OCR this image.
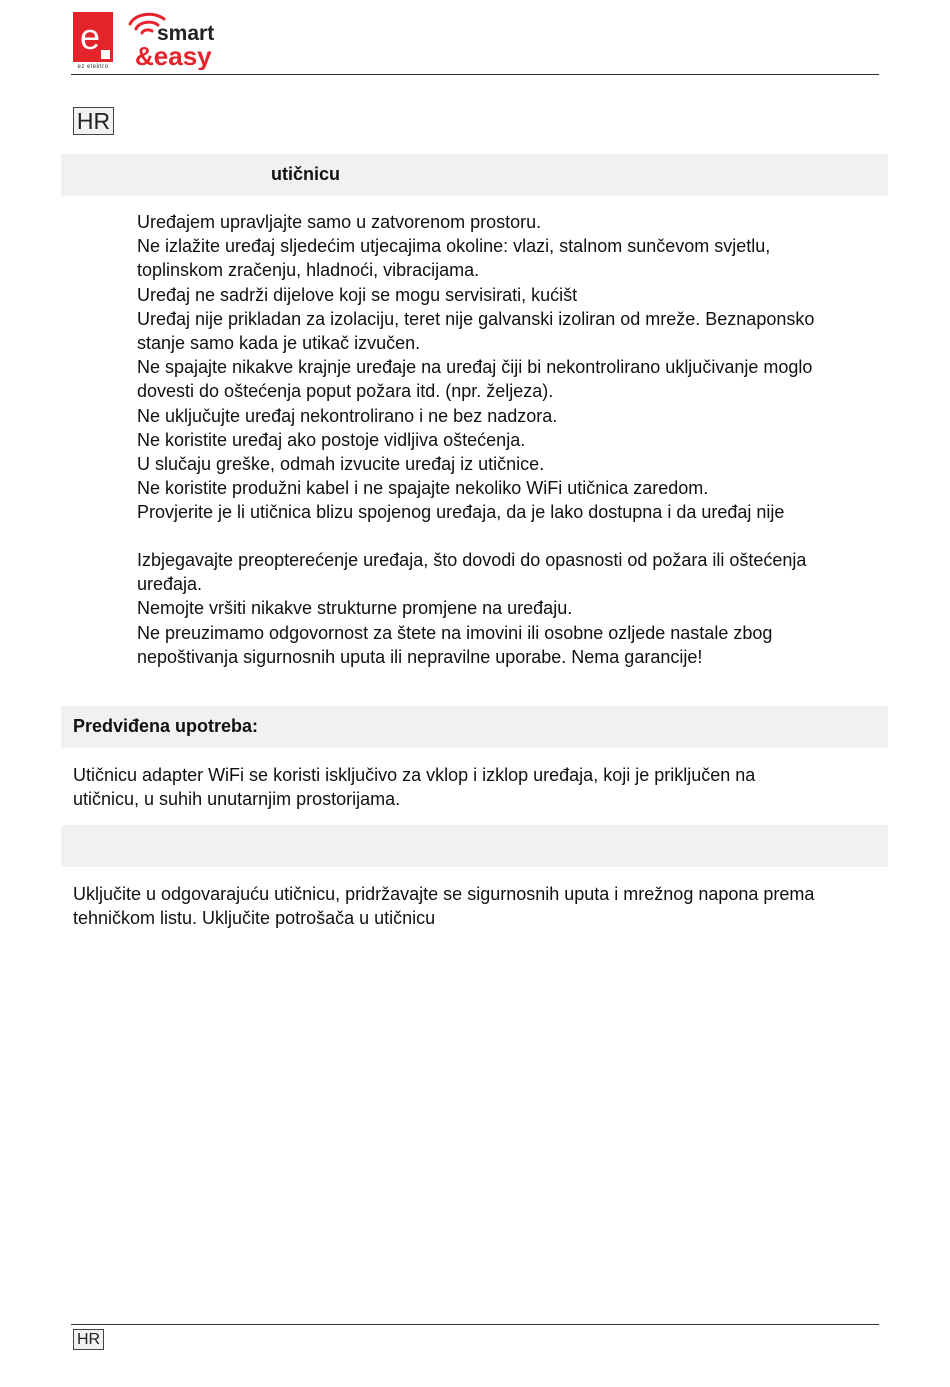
e
ez elektro
smart
&easy
HR
utičnicu
Uređajem upravljajte samo u zatvorenom prostoru.
Ne izlažite uređaj sljedećim utjecajima okoline: vlazi, stalnom sunčevom svjetlu,
toplinskom zračenju, hladnoći, vibracijama.
Uređaj ne sadrži dijelove koji se mogu servisirati, kućišt
Uređaj nije prikladan za izolaciju, teret nije galvanski izoliran od mreže. Beznaponsko
stanje samo kada je utikač izvučen.
Ne spajajte nikakve krajnje uređaje na uređaj čiji bi nekontrolirano uključivanje moglo
dovesti do oštećenja poput požara itd. (npr. željeza).
Ne uključujte uređaj nekontrolirano i ne bez nadzora.
Ne koristite uređaj ako postoje vidljiva oštećenja.
U slučaju greške, odmah izvucite uređaj iz utičnice.
Ne koristite produžni kabel i ne spajajte nekoliko WiFi utičnica zaredom.
Provjerite je li utičnica blizu spojenog uređaja, da je lako dostupna i da uređaj nije
Izbjegavajte preopterećenje uređaja, što dovodi do opasnosti od požara ili oštećenja
uređaja.
Nemojte vršiti nikakve strukturne promjene na uređaju.
Ne preuzimamo odgovornost za štete na imovini ili osobne ozljede nastale zbog
nepoštivanja sigurnosnih uputa ili nepravilne uporabe. Nema garancije!
Predviđena upotreba:
Utičnicu adapter WiFi se koristi isključivo za vklop i izklop uređaja, koji je priključen na
utičnicu, u suhih unutarnjim prostorijama.
Uključite u odgovarajuću utičnicu, pridržavajte se sigurnosnih uputa i mrežnog napona prema
tehničkom listu. Uključite potrošača u utičnicu
HR
